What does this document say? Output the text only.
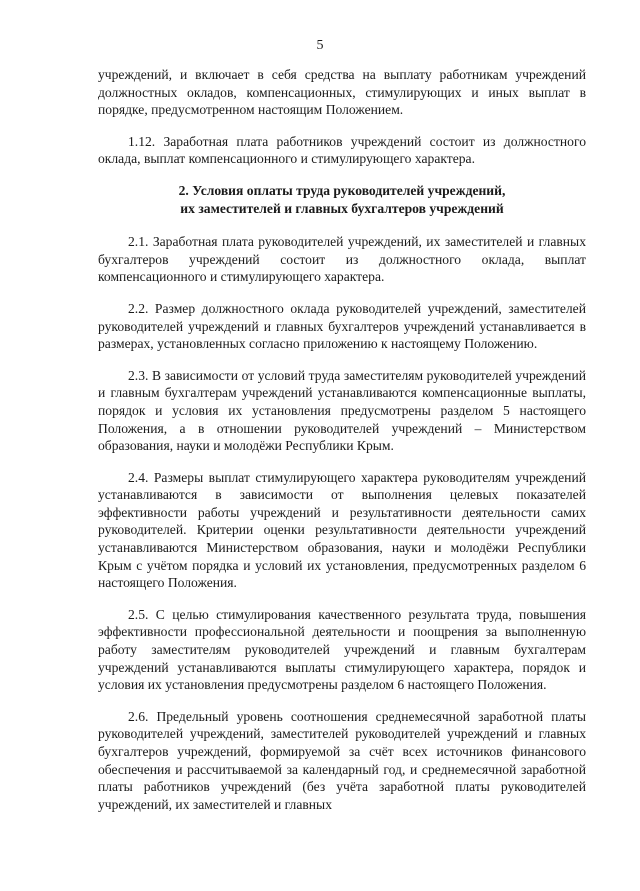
5

учреждений, и включает в себя средства на выплату работникам учреждений должностных окладов, компенсационных, стимулирующих и иных выплат в порядке, предусмотренном настоящим Положением.

1.12. Заработная плата работников учреждений состоит из должностного оклада, выплат компенсационного и стимулирующего характера.

2. Условия оплаты труда руководителей учреждений,
их заместителей и главных бухгалтеров учреждений

2.1. Заработная плата руководителей учреждений, их заместителей и главных бухгалтеров учреждений состоит из должностного оклада, выплат компенсационного и стимулирующего характера.

2.2. Размер должностного оклада руководителей учреждений, заместителей руководителей учреждений и главных бухгалтеров учреждений устанавливается в размерах, установленных согласно приложению к настоящему Положению.

2.3. В зависимости от условий труда заместителям руководителей учреждений и главным бухгалтерам учреждений устанавливаются компенсационные выплаты, порядок и условия их установления предусмотрены разделом 5 настоящего Положения, а в отношении руководителей учреждений – Министерством образования, науки и молодёжи Республики Крым.

2.4. Размеры выплат стимулирующего характера руководителям учреждений устанавливаются в зависимости от выполнения целевых показателей эффективности работы учреждений и результативности деятельности самих руководителей. Критерии оценки результативности деятельности учреждений устанавливаются Министерством образования, науки и молодёжи Республики Крым с учётом порядка и условий их установления, предусмотренных разделом 6 настоящего Положения.

2.5. С целью стимулирования качественного результата труда, повышения эффективности профессиональной деятельности и поощрения за выполненную работу заместителям руководителей учреждений и главным бухгалтерам учреждений устанавливаются выплаты стимулирующего характера, порядок и условия их установления предусмотрены разделом 6 настоящего Положения.

2.6. Предельный уровень соотношения среднемесячной заработной платы руководителей учреждений, заместителей руководителей учреждений и главных бухгалтеров учреждений, формируемой за счёт всех источников финансового обеспечения и рассчитываемой за календарный год, и среднемесячной заработной платы работников учреждений (без учёта заработной платы руководителей учреждений, их заместителей и главных
